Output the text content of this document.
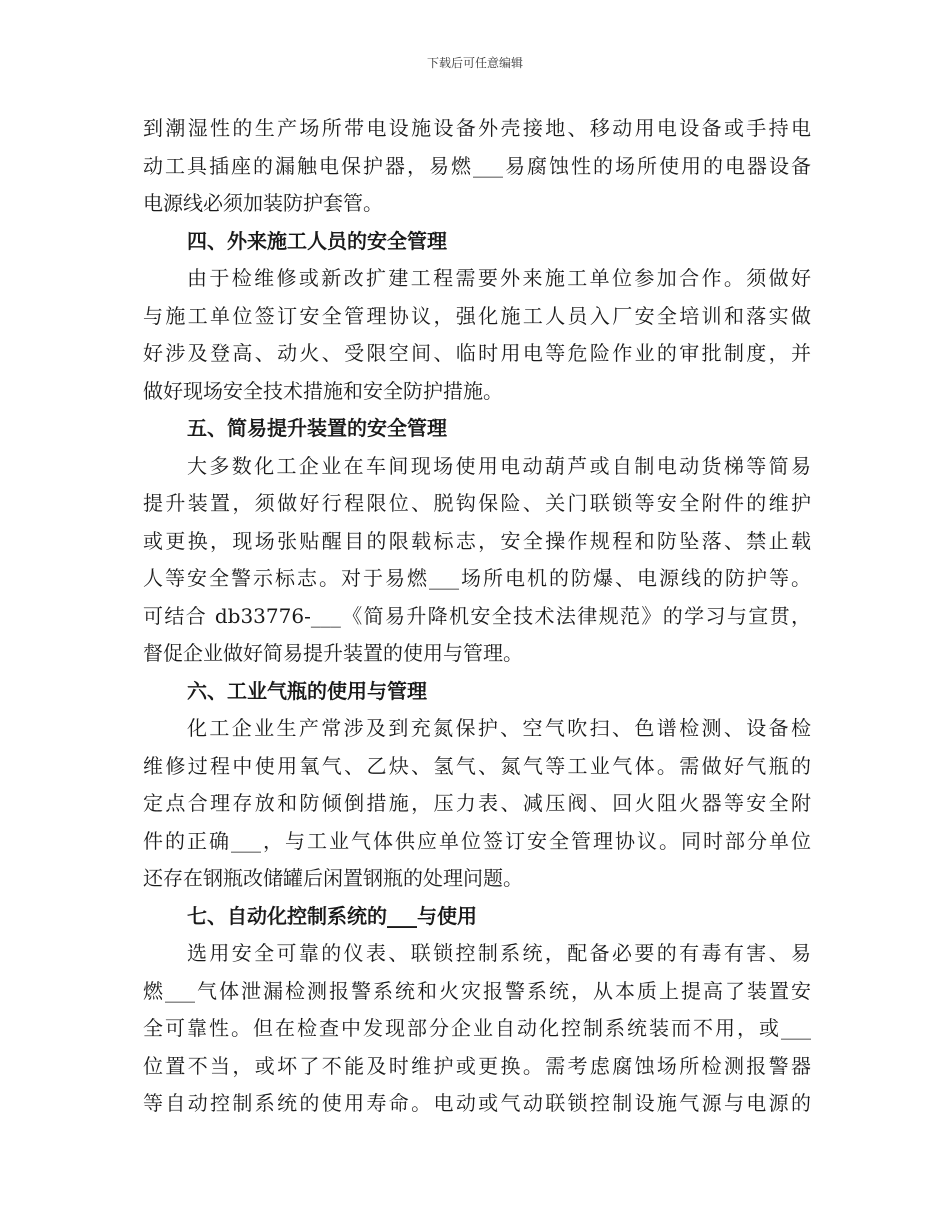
下载后可任意编辑
到潮湿性的生产场所带电设施设备外壳接地、移动用电设备或手持电
动工具插座的漏触电保护器，易燃___易腐蚀性的场所使用的电器设备
电源线必须加装防护套管。
四、外来施工人员的安全管理
由于检维修或新改扩建工程需要外来施工单位参加合作。须做好
与施工单位签订安全管理协议，强化施工人员入厂安全培训和落实做
好涉及登高、动火、受限空间、临时用电等危险作业的审批制度，并
做好现场安全技术措施和安全防护措施。
五、简易提升装置的安全管理
大多数化工企业在车间现场使用电动葫芦或自制电动货梯等简易
提升装置，须做好行程限位、脱钩保险、关门联锁等安全附件的维护
或更换，现场张贴醒目的限载标志，安全操作规程和防坠落、禁止载
人等安全警示标志。对于易燃___场所电机的防爆、电源线的防护等。
可结合 db33776-___《简易升降机安全技术法律规范》的学习与宣贯，
督促企业做好简易提升装置的使用与管理。
六、工业气瓶的使用与管理
化工企业生产常涉及到充氮保护、空气吹扫、色谱检测、设备检
维修过程中使用氧气、乙炔、氢气、氮气等工业气体。需做好气瓶的
定点合理存放和防倾倒措施，压力表、减压阀、回火阻火器等安全附
件的正确___，与工业气体供应单位签订安全管理协议。同时部分单位
还存在钢瓶改储罐后闲置钢瓶的处理问题。
七、自动化控制系统的___与使用
选用安全可靠的仪表、联锁控制系统，配备必要的有毒有害、易
燃___气体泄漏检测报警系统和火灾报警系统，从本质上提高了装置安
全可靠性。但在检查中发现部分企业自动化控制系统装而不用，或___
位置不当，或坏了不能及时维护或更换。需考虑腐蚀场所检测报警器
等自动控制系统的使用寿命。电动或气动联锁控制设施气源与电源的
